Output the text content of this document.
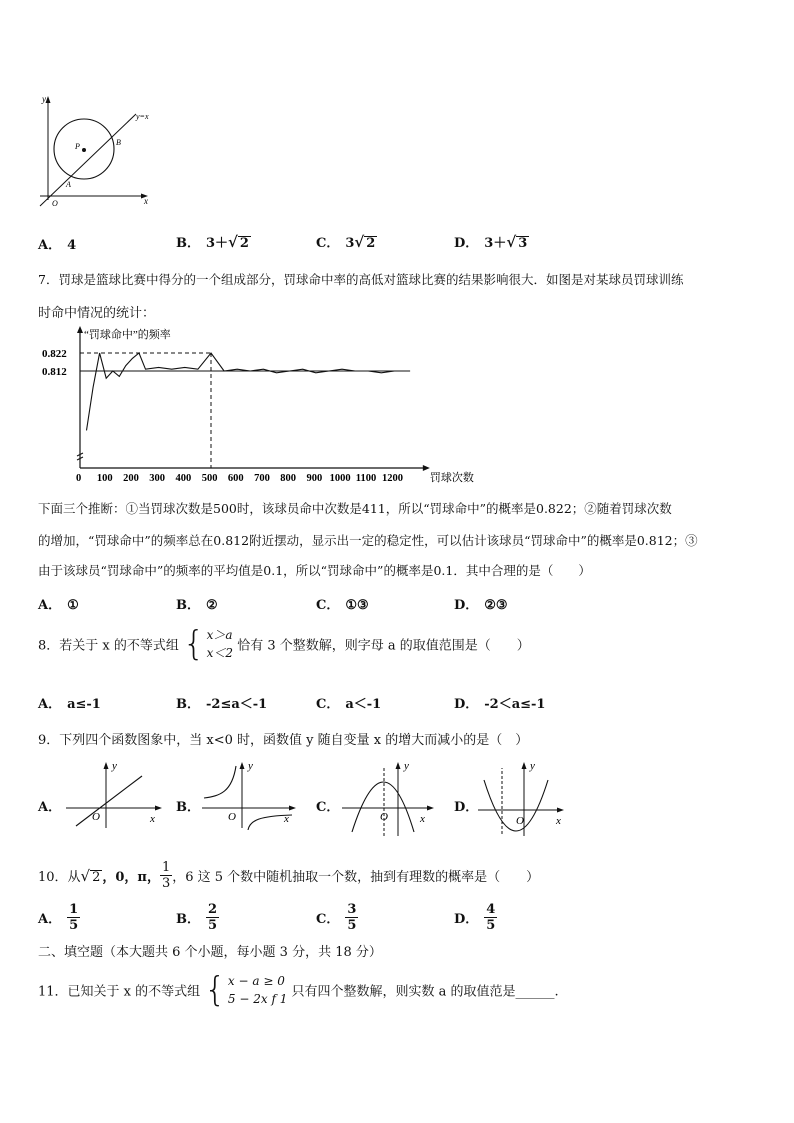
y
x
y=x
P	B
A
O
A． 4	B． 3＋ √ 2	C． 3 √ 2	D． 3＋ √ 3
7．罚球是篮球比赛中得分的一个组成部分，罚球命中率的高低对篮球比赛的结果影响很大．如图是对某球员罚球训练
时命中情况的统计：
0.822
0.812
“罚球命中”的频率
0 100 200 300 400 500 600 700 800 900 1000 1100 1200 罚球次数
下面三个推断：①当罚球次数是500时，该球员命中次数是411，所以“罚球命中”的概率是0.822；②随着罚球次数
的增加，“罚球命中”的频率总在0.812附近摆动，显示出一定的稳定性，可以估计该球员“罚球命中”的概率是0.812；③
由于该球员“罚球命中”的频率的平均值是0.1，所以“罚球命中”的概率是0.1．其中合理的是（　　）
A． ①	B． ②	C． ①③	D． ②③
8．若关于 x 的不等式组 { x＞a
x＜2 恰有 3 个整数解，则字母 a 的取值范围是（　　）
A． a≤-1	B． -2≤a＜-1	C． a＜-1	D． -2＜a≤-1
9．下列四个函数图象中，当 x<0 时，函数值 y 随自变量 x 的增大而减小的是（　）
A．
O	x
y
B．
O	x
y
C．
O	x
y
D．
O	x
y
10．从 √ 2 ，0，π， $\frac{1}{3}$ ，6 这 5 个数中随机抽取一个数，抽到有理数的概率是（　　）
A． $\frac{1}{5}$	B． $\frac{2}{5}$	C． $\frac{3}{5}$	D． $\frac{4}{5}$
二、填空题（本大题共 6 个小题，每小题 3 分，共 18 分）
11．已知关于 x 的不等式组 { x − a ≥ 0
5 − 2x f 1 只有四个整数解，则实数 a 的取值范是______.
